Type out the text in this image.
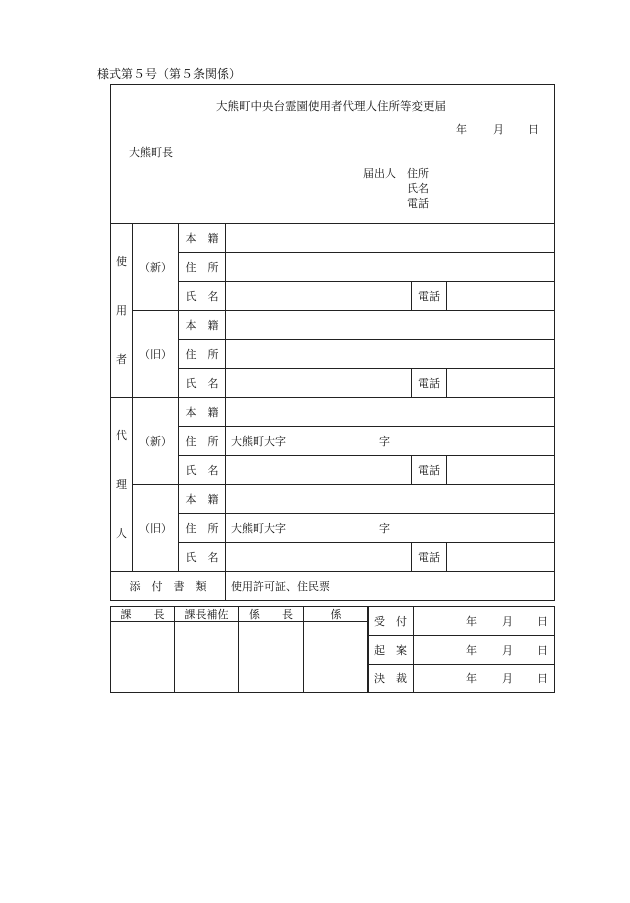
様式第５号（第５条関係）
大熊町中央台霊園使用者代理人住所等変更届
年 月 日
大熊町長
届出人 住所
氏名
電話
使
用
者	（新）	本　籍			
		住　所			
		氏　名		電話	
	（旧）	本　籍			
		住　所			
		氏　名		電話	

代
理
人	（新）	本　籍			
		住　所	大熊町大字 字		
		氏　名		電話	
	（旧）	本　籍			
		住　所	大熊町大字 字		
		氏　名		電話	
添　付　書　類			使用許可証、住民票		
課　　長	課長補佐	係　　長	係

受　付	年 月 日
起　案	年 月 日
決　裁	年 月 日
